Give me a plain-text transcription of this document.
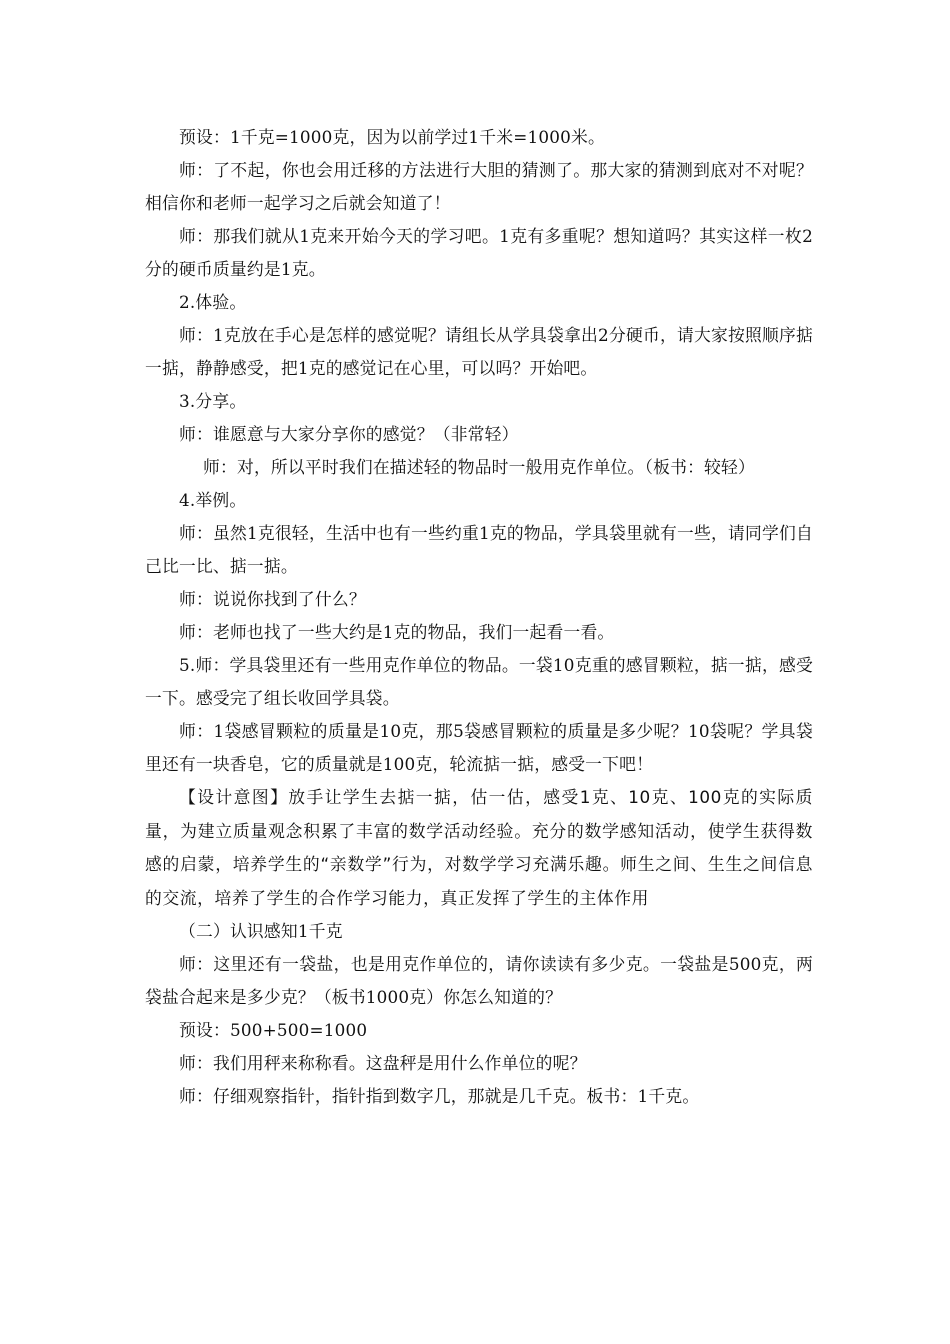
预设：1千克=1000克，因为以前学过1千米=1000米。

师：了不起，你也会用迁移的方法进行大胆的猜测了。那大家的猜测到底对不对呢？相信你和老师一起学习之后就会知道了！

师：那我们就从1克来开始今天的学习吧。1克有多重呢？想知道吗？其实这样一枚2分的硬币质量约是1克。

2.体验。

师：1克放在手心是怎样的感觉呢？请组长从学具袋拿出2分硬币，请大家按照顺序掂一掂，静静感受，把1克的感觉记在心里，可以吗？开始吧。

3.分享。

师：谁愿意与大家分享你的感觉？（非常轻）

师：对，所以平时我们在描述轻的物品时一般用克作单位。（板书：较轻）

4.举例。

师：虽然1克很轻，生活中也有一些约重1克的物品，学具袋里就有一些，请同学们自己比一比、掂一掂。

师：说说你找到了什么？

师：老师也找了一些大约是1克的物品，我们一起看一看。

5.师：学具袋里还有一些用克作单位的物品。一袋10克重的感冒颗粒，掂一掂，感受一下。感受完了组长收回学具袋。

师：1袋感冒颗粒的质量是10克，那5袋感冒颗粒的质量是多少呢？10袋呢？学具袋里还有一块香皂，它的质量就是100克，轮流掂一掂，感受一下吧！

【设计意图】放手让学生去掂一掂，估一估，感受1克、10克、100克的实际质量，为建立质量观念积累了丰富的数学活动经验。充分的数学感知活动，使学生获得数感的启蒙，培养学生的“亲数学”行为，对数学学习充满乐趣。师生之间、生生之间信息的交流，培养了学生的合作学习能力，真正发挥了学生的主体作用

（二）认识感知1千克

师：这里还有一袋盐，也是用克作单位的，请你读读有多少克。一袋盐是500克，两袋盐合起来是多少克？（板书1000克）你怎么知道的？

预设：500+500=1000

师：我们用秤来称称看。这盘秤是用什么作单位的呢？

师：仔细观察指针，指针指到数字几，那就是几千克。板书：1千克。
